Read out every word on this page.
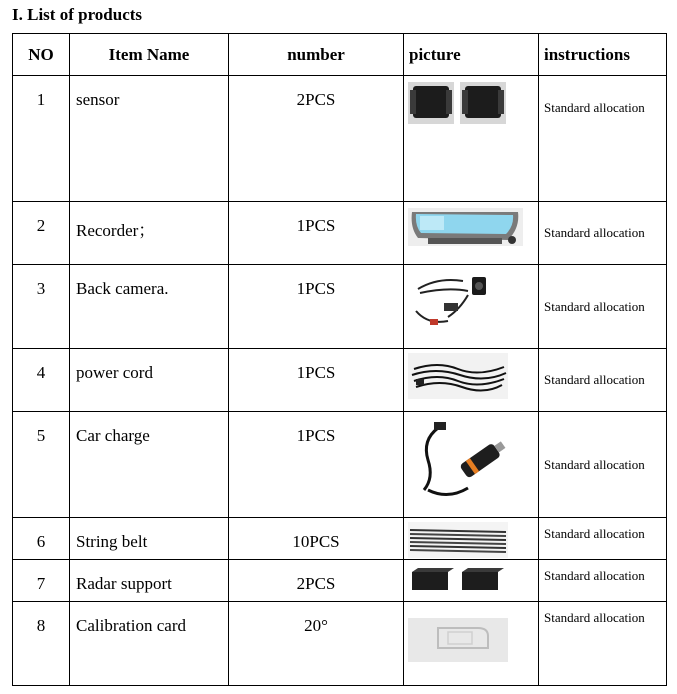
I. List of products
NO	Item Name	number	picture	instructions
1	sensor	2PCS		Standard allocation
2	Recorder；	1PCS		Standard allocation
3	Back camera.	1PCS		Standard allocation
4	power cord	1PCS		Standard allocation
5	Car charge	1PCS		Standard allocation
6	String belt	10PCS		Standard allocation
7	Radar support	2PCS		Standard allocation
8	Calibration card	20°		Standard allocation
